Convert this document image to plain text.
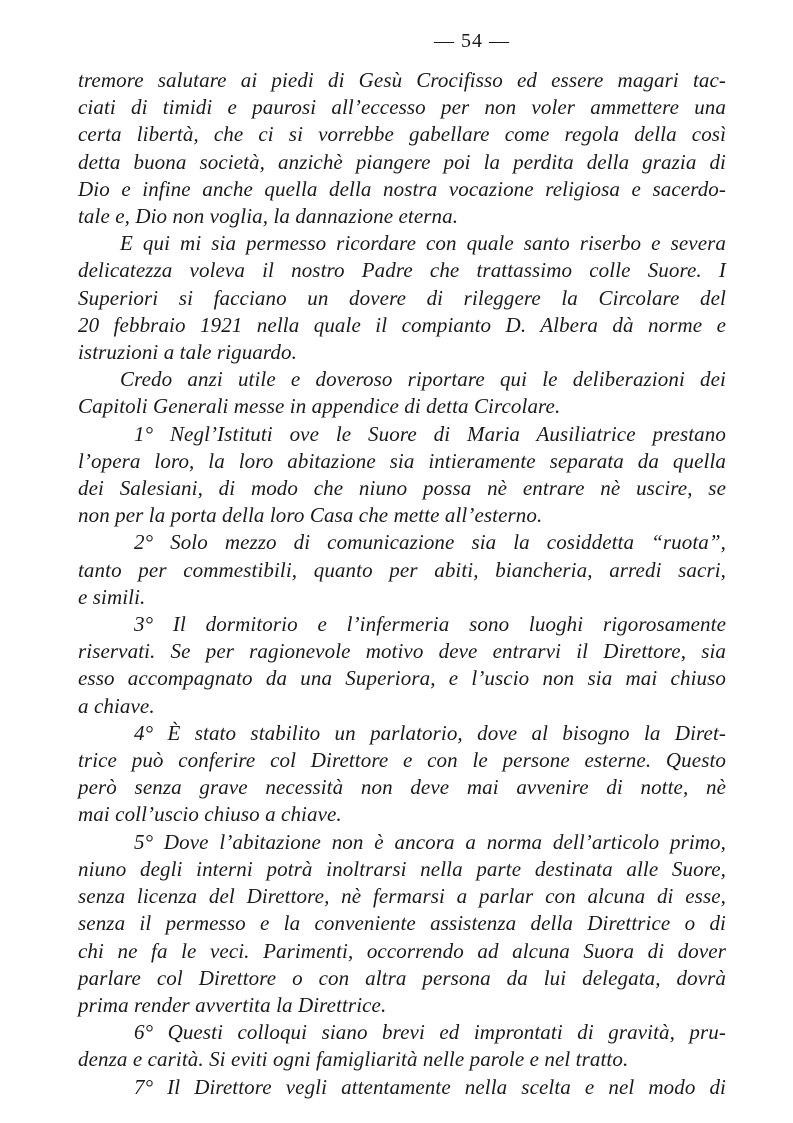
— 54 —
tremore salutare ai piedi di Gesù Crocifisso ed essere magari tac-
ciati di timidi e paurosi all’eccesso per non voler ammettere una
certa libertà, che ci si vorrebbe gabellare come regola della così
detta buona società, anzichè piangere poi la perdita della grazia di
Dio e infine anche quella della nostra vocazione religiosa e sacerdo-
tale e, Dio non voglia, la dannazione eterna.
E qui mi sia permesso ricordare con quale santo riserbo e severa
delicatezza voleva il nostro Padre che trattassimo colle Suore. I
Superiori si facciano un dovere di rileggere la Circolare del
20 febbraio 1921 nella quale il compianto D. Albera dà norme e
istruzioni a tale riguardo.
Credo anzi utile e doveroso riportare qui le deliberazioni dei
Capitoli Generali messe in appendice di detta Circolare.
1° Negl’Istituti ove le Suore di Maria Ausiliatrice prestano
l’opera loro, la loro abitazione sia intieramente separata da quella
dei Salesiani, di modo che niuno possa nè entrare nè uscire, se
non per la porta della loro Casa che mette all’esterno.
2° Solo mezzo di comunicazione sia la cosiddetta “ruota”,
tanto per commestibili, quanto per abiti, biancheria, arredi sacri,
e simili.
3° Il dormitorio e l’infermeria sono luoghi rigorosamente
riservati. Se per ragionevole motivo deve entrarvi il Direttore, sia
esso accompagnato da una Superiora, e l’uscio non sia mai chiuso
a chiave.
4° È stato stabilito un parlatorio, dove al bisogno la Diret-
trice può conferire col Direttore e con le persone esterne. Questo
però senza grave necessità non deve mai avvenire di notte, nè
mai coll’uscio chiuso a chiave.
5° Dove l’abitazione non è ancora a norma dell’articolo primo,
niuno degli interni potrà inoltrarsi nella parte destinata alle Suore,
senza licenza del Direttore, nè fermarsi a parlar con alcuna di esse,
senza il permesso e la conveniente assistenza della Direttrice o di
chi ne fa le veci. Parimenti, occorrendo ad alcuna Suora di dover
parlare col Direttore o con altra persona da lui delegata, dovrà
prima render avvertita la Direttrice.
6° Questi colloqui siano brevi ed improntati di gravità, pru-
denza e carità. Si eviti ogni famigliarità nelle parole e nel tratto.
7° Il Direttore vegli attentamente nella scelta e nel modo di
